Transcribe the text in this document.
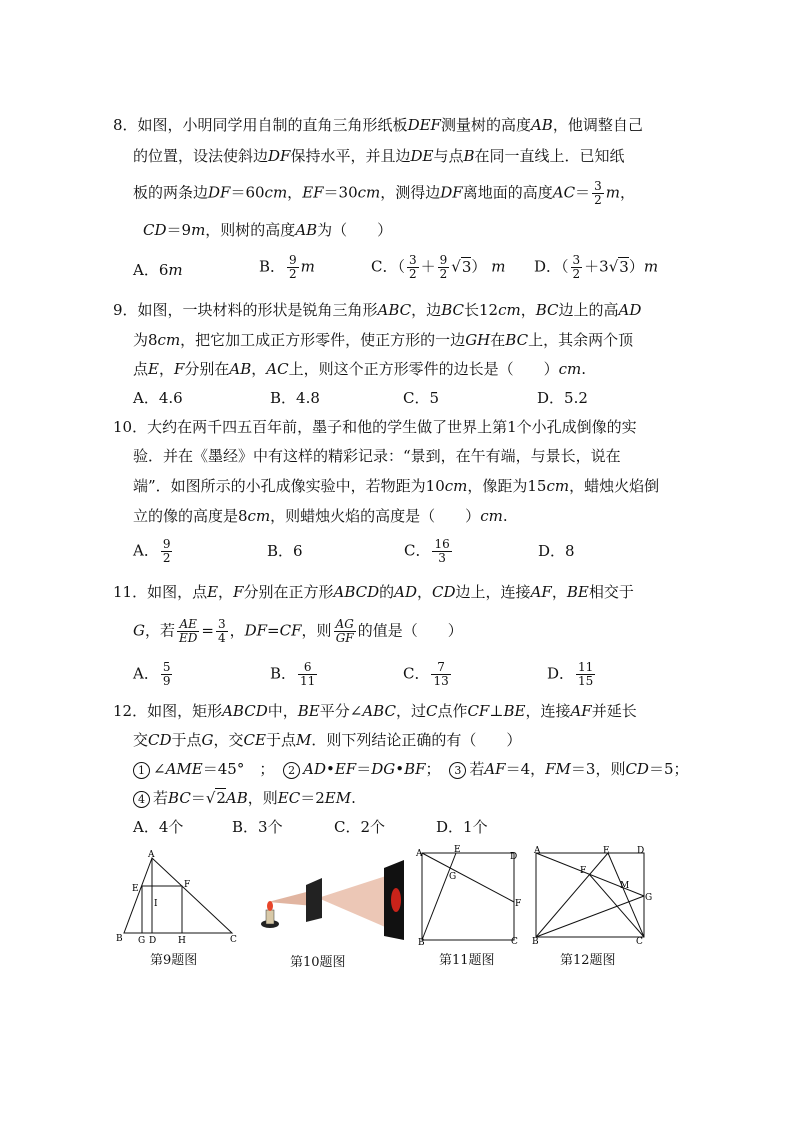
8．如图，小明同学用自制的直角三角形纸板DEF测量树的高度AB，他调整自己
的位置，设法使斜边DF保持水平，并且边DE与点B在同一直线上．已知纸
板的两条边DF＝60cm，EF＝30cm，测得边DF离地面的高度$AC= \frac{3}{2}$ m，
CD＝9m，则树的高度AB为（　　）
A．6m	B． $\frac{9}{2}$ m	C．（ $\frac{3}{2} + \frac{9}{2} √3$） m D．（ $\frac{3}{2} +3√3)m$
9．如图，一块材料的形状是锐角三角形ABC，边BC长12cm，BC边上的高AD
为8cm，把它加工成正方形零件，使正方形的一边GH在BC上，其余两个顶
点E，F分别在AB，AC上，则这个正方形零件的边长是（　　）cm.
A．4.6	B．4.8	C．5	D．5.2
10．大约在两千四五百年前，墨子和他的学生做了世界上第1个小孔成倒像的实
验．并在《墨经》中有这样的精彩记录：“景到，在午有端，与景长，说在
端”．如图所示的小孔成像实验中，若物距为10cm，像距为15cm，蜡烛火焰倒
立的像的高度是8cm，则蜡烛火焰的高度是（　　）cm.
A． $\frac{9}{2}$	B．6	C． $\frac{16}{3}$	D．8
11．如图，点E，F分别在正方形ABCD的AD，CD边上，连接AF，BE相交于
G，若 $\frac{AE}{ED} = \frac{3}{4}$ ，DF=CF，则 $\frac{AG}{GF}$ 的值是（　　）
A． $\frac{5}{9}$	B． $\frac{6}{11}$	C． $\frac{7}{13}$	D． $\frac{11}{15}$
12．如图，矩形ABCD中，BE平分∠ABC，过C点作CF⊥BE，连接AF并延长
交CD于点G，交CE于点M．则下列结论正确的有（　　）
1 ∠AME＝45°　； 2 AD•EF＝DG•BF； 3 若AF＝4，FM＝3，则CD＝5；
4 若BC＝√2AB，则EC＝2EM.
A．4个	B．3个	C．2个	D．1个
A
E	F
I
B G D H	C
第9题图	第10题图
A	E
D
G
F
B	C
第11题图
A	E	D
F
M
G
B	C
第12题图
